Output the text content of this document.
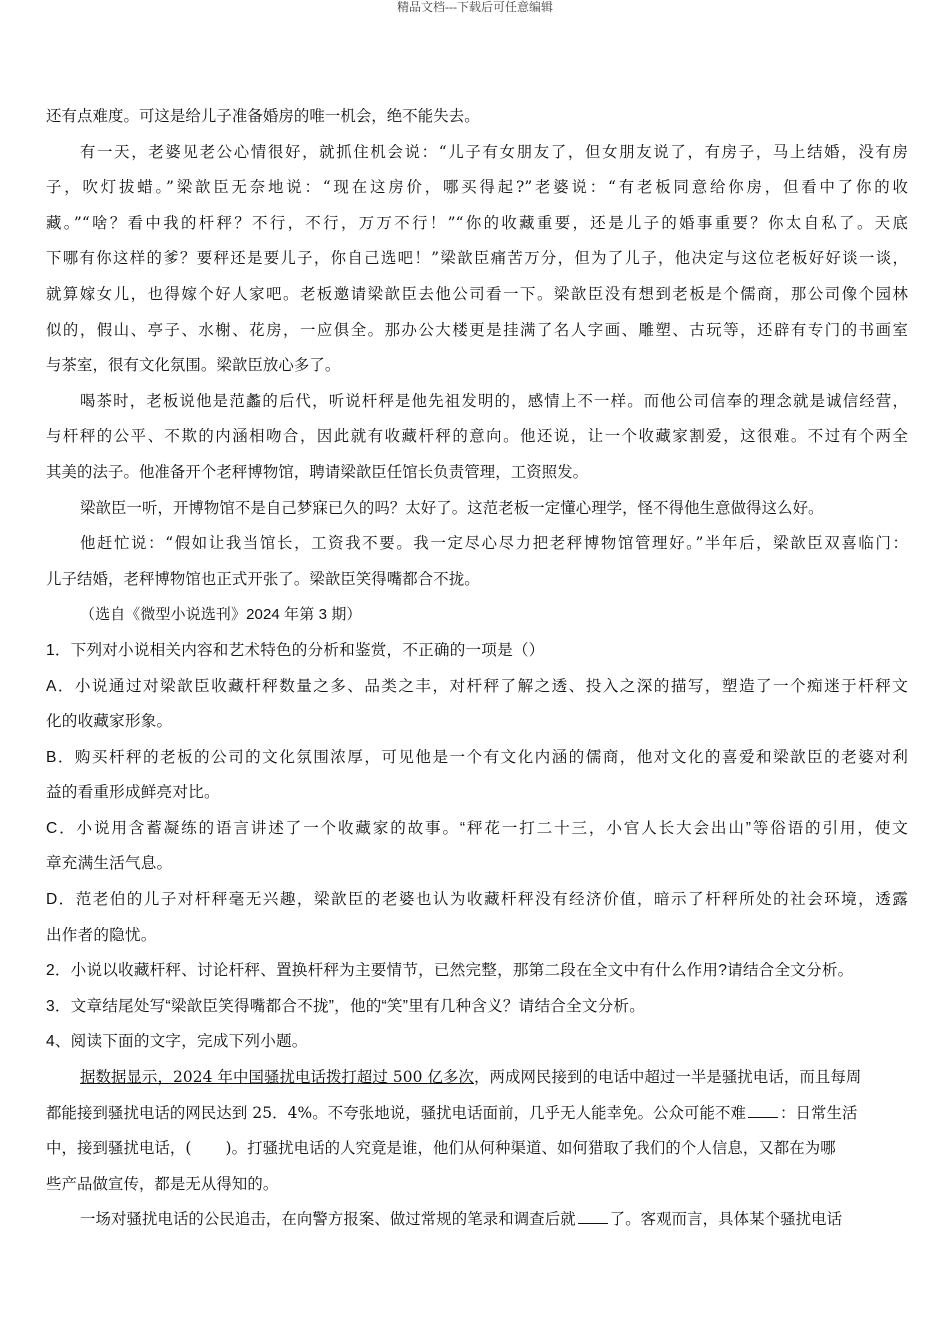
精品文档---下载后可任意编辑
还有点难度。可这是给儿子准备婚房的唯一机会，绝不能失去。
有一天，老婆见老公心情很好，就抓住机会说：“儿子有女朋友了，但女朋友说了，有房子，马上结婚，没有房
子，吹灯拔蜡。”梁歆臣无奈地说：“现在这房价，哪买得起?”老婆说：“有老板同意给你房，但看中了你的收
藏。”“啥？看中我的杆秤？不行，不行，万万不行！”“你的收藏重要，还是儿子的婚事重要？你太自私了。天底
下哪有你这样的爹？要秤还是要儿子，你自己选吧！”梁歆臣痛苦万分，但为了儿子，他决定与这位老板好好谈一谈，
就算嫁女儿，也得嫁个好人家吧。老板邀请梁歆臣去他公司看一下。梁歆臣没有想到老板是个儒商，那公司像个园林
似的，假山、亭子、水榭、花房，一应俱全。那办公大楼更是挂满了名人字画、雕塑、古玩等，还辟有专门的书画室
与茶室，很有文化氛围。梁歆臣放心多了。
喝茶时，老板说他是范蠡的后代，听说杆秤是他先祖发明的，感情上不一样。而他公司信奉的理念就是诚信经营，
与杆秤的公平、不欺的内涵相吻合，因此就有收藏杆秤的意向。他还说，让一个收藏家割爱，这很难。不过有个两全
其美的法子。他准备开个老秤博物馆，聘请梁歆臣任馆长负责管理，工资照发。
梁歆臣一听，开博物馆不是自己梦寐已久的吗？太好了。这范老板一定懂心理学，怪不得他生意做得这么好。
他赶忙说：“假如让我当馆长，工资我不要。我一定尽心尽力把老秤博物馆管理好。”半年后，梁歆臣双喜临门：
儿子结婚，老秤博物馆也正式开张了。梁歆臣笑得嘴都合不拢。
（选自《微型小说选刊》2024 年第 3 期）
1．下列对小说相关内容和艺术特色的分析和鉴赏，不正确的一项是（）
A．小说通过对梁歆臣收藏杆秤数量之多、品类之丰，对杆秤了解之透、投入之深的描写，塑造了一个痴迷于杆秤文
化的收藏家形象。
B．购买杆秤的老板的公司的文化氛围浓厚，可见他是一个有文化内涵的儒商，他对文化的喜爱和梁歆臣的老婆对利
益的看重形成鲜亮对比。
C．小说用含蓄凝练的语言讲述了一个收藏家的故事。“秤花一打二十三，小官人长大会出山”等俗语的引用，使文
章充满生活气息。
D．范老伯的儿子对杆秤毫无兴趣，梁歆臣的老婆也认为收藏杆秤没有经济价值，暗示了杆秤所处的社会环境，透露
出作者的隐忧。
2．小说以收藏杆秤、讨论杆秤、置换杆秤为主要情节，已然完整，那第二段在全文中有什么作用?请结合全文分析。
3．文章结尾处写“梁歆臣笑得嘴都合不拢”，他的“笑”里有几种含义？请结合全文分析。
4、阅读下面的文字，完成下列小题。
据数据显示，2024 年中国骚扰电话拨打超过 500 亿多次，两成网民接到的电话中超过一半是骚扰电话，而且每周
都能接到骚扰电话的网民达到 25．4%。不夸张地说，骚扰电话面前，几乎无人能幸免。公众可能不难 ：日常生活
中，接到骚扰电话，( )。打骚扰电话的人究竟是谁，他们从何种渠道、如何猎取了我们的个人信息，又都在为哪
些产品做宣传，都是无从得知的。
一场对骚扰电话的公民追击，在向警方报案、做过常规的笔录和调查后就 了。客观而言，具体某个骚扰电话
